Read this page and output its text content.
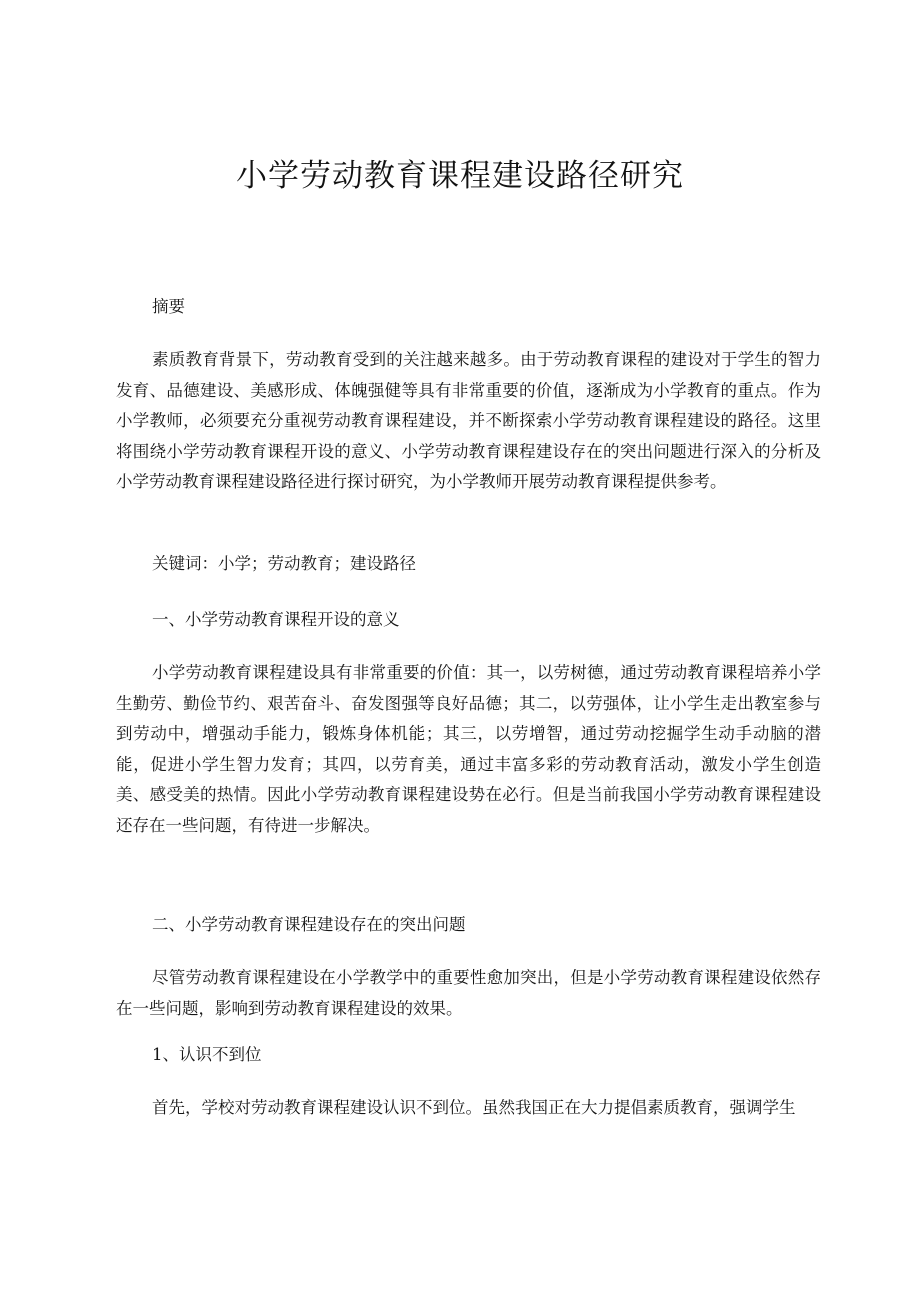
小学劳动教育课程建设路径研究
摘要
素质教育背景下，劳动教育受到的关注越来越多。由于劳动教育课程的建设对于学生的智力发育、品德建设、美感形成、体魄强健等具有非常重要的价值，逐渐成为小学教育的重点。作为小学教师，必须要充分重视劳动教育课程建设，并不断探索小学劳动教育课程建设的路径。这里将围绕小学劳动教育课程开设的意义、小学劳动教育课程建设存在的突出问题进行深入的分析及小学劳动教育课程建设路径进行探讨研究，为小学教师开展劳动教育课程提供参考。
关键词：小学；劳动教育；建设路径
一、小学劳动教育课程开设的意义
小学劳动教育课程建设具有非常重要的价值：其一，以劳树德，通过劳动教育课程培养小学生勤劳、勤俭节约、艰苦奋斗、奋发图强等良好品德；其二，以劳强体，让小学生走出教室参与到劳动中，增强动手能力，锻炼身体机能；其三，以劳增智，通过劳动挖掘学生动手动脑的潜能，促进小学生智力发育；其四，以劳育美，通过丰富多彩的劳动教育活动，激发小学生创造美、感受美的热情。因此小学劳动教育课程建设势在必行。但是当前我国小学劳动教育课程建设还存在一些问题，有待进一步解决。
二、小学劳动教育课程建设存在的突出问题
尽管劳动教育课程建设在小学教学中的重要性愈加突出，但是小学劳动教育课程建设依然存在一些问题，影响到劳动教育课程建设的效果。
1、认识不到位
首先，学校对劳动教育课程建设认识不到位。虽然我国正在大力提倡素质教育，强调学生
